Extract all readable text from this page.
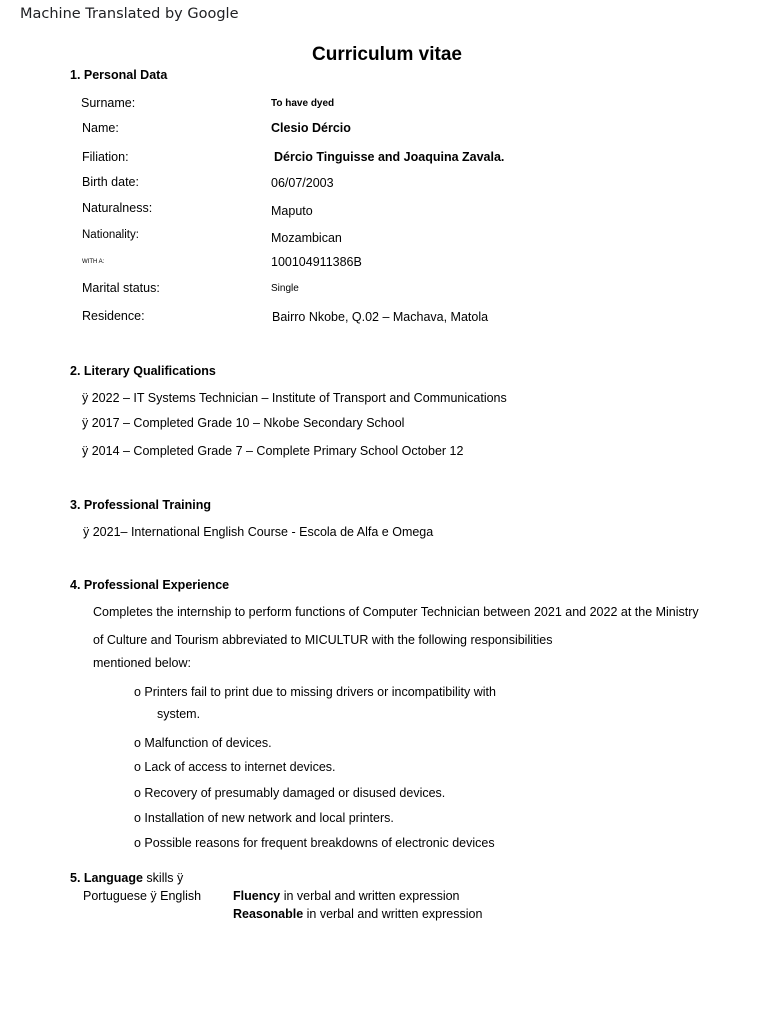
Machine Translated by Google
Curriculum vitae
1. Personal Data
Surname:	To have dyed
Name:	Clesio Dércio
Filiation:	Dércio Tinguisse and Joaquina Zavala.
Birth date:	06/07/2003
Naturalness:	Maputo
Nationality:	Mozambican
WITH A:	100104911386B
Marital status:	Single
Residence:	Bairro Nkobe, Q.02 – Machava, Matola
2. Literary Qualifications
ÿ 2022 – IT Systems Technician – Institute of Transport and Communications
ÿ 2017 – Completed Grade 10 – Nkobe Secondary School
ÿ 2014 – Completed Grade 7 – Complete Primary School October 12
3. Professional Training
ÿ 2021– International English Course - Escola de Alfa e Omega
4. Professional Experience
Completes the internship to perform functions of Computer Technician between 2021 and 2022 at the Ministry
of Culture and Tourism abbreviated to MICULTUR with the following responsibilities
mentioned below:
o Printers fail to print due to missing drivers or incompatibility with
system.
o Malfunction of devices.
o Lack of access to internet devices.
o Recovery of presumably damaged or disused devices.
o Installation of new network and local printers.
o Possible reasons for frequent breakdowns of electronic devices
5. Language skills ÿ
Portuguese ÿ English	Fluency in verbal and written expression
Reasonable in verbal and written expression
